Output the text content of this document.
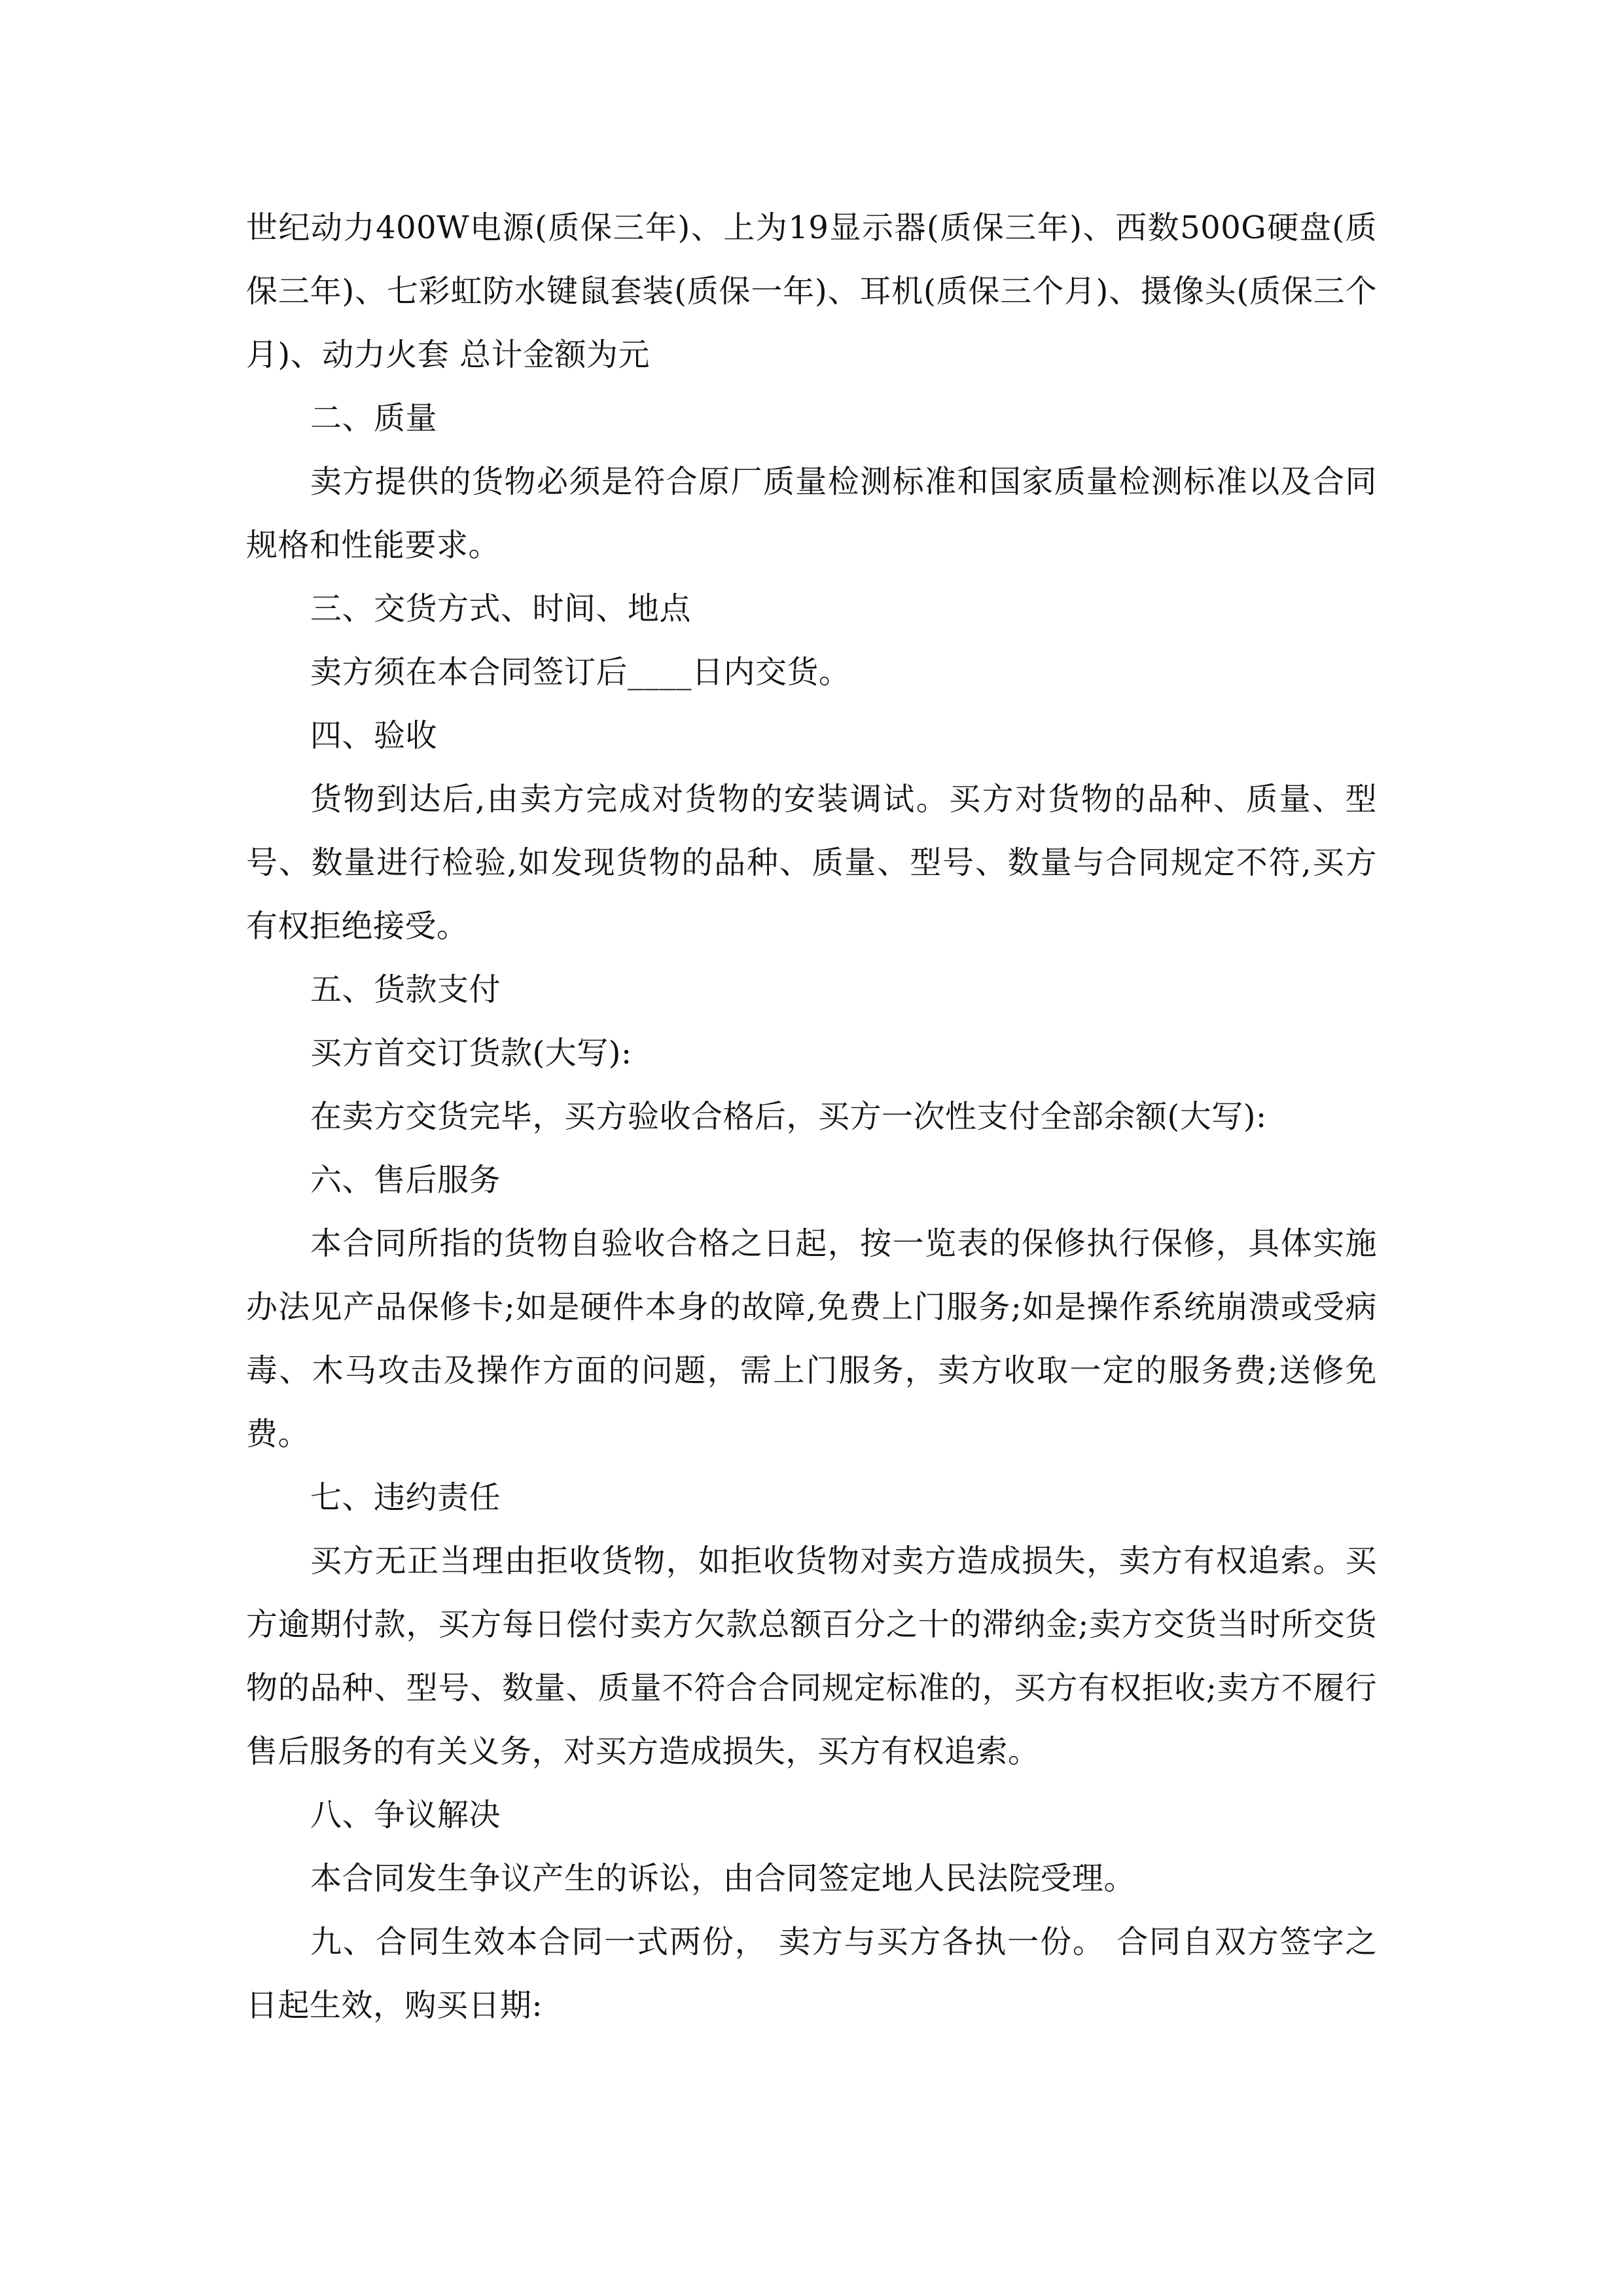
世纪动力400W电源(质保三年)、上为19显示器(质保三年)、西数500G硬盘(质保三年)、七彩虹防水键鼠套装(质保一年)、耳机(质保三个月)、摄像头(质保三个月)、动力火套 总计金额为元

二、质量

卖方提供的货物必须是符合原厂质量检测标准和国家质量检测标准以及合同规格和性能要求。

三、交货方式、时间、地点

卖方须在本合同签订后____日内交货。

四、验收

货物到达后,由卖方完成对货物的安装调试。买方对货物的品种、质量、型号、数量进行检验,如发现货物的品种、质量、型号、数量与合同规定不符,买方有权拒绝接受。

五、货款支付

买方首交订货款(大写):

在卖方交货完毕，买方验收合格后，买方一次性支付全部余额(大写):

六、售后服务

本合同所指的货物自验收合格之日起，按一览表的保修执行保修，具体实施办法见产品保修卡;如是硬件本身的故障,免费上门服务;如是操作系统崩溃或受病毒、木马攻击及操作方面的问题，需上门服务，卖方收取一定的服务费;送修免费。

七、违约责任

买方无正当理由拒收货物，如拒收货物对卖方造成损失，卖方有权追索。买方逾期付款，买方每日偿付卖方欠款总额百分之十的滞纳金;卖方交货当时所交货物的品种、型号、数量、质量不符合合同规定标准的，买方有权拒收;卖方不履行售后服务的有关义务，对买方造成损失，买方有权追索。

八、争议解决

本合同发生争议产生的诉讼，由合同签定地人民法院受理。

九、合同生效本合同一式两份， 卖方与买方各执一份。 合同自双方签字之日起生效，购买日期:
